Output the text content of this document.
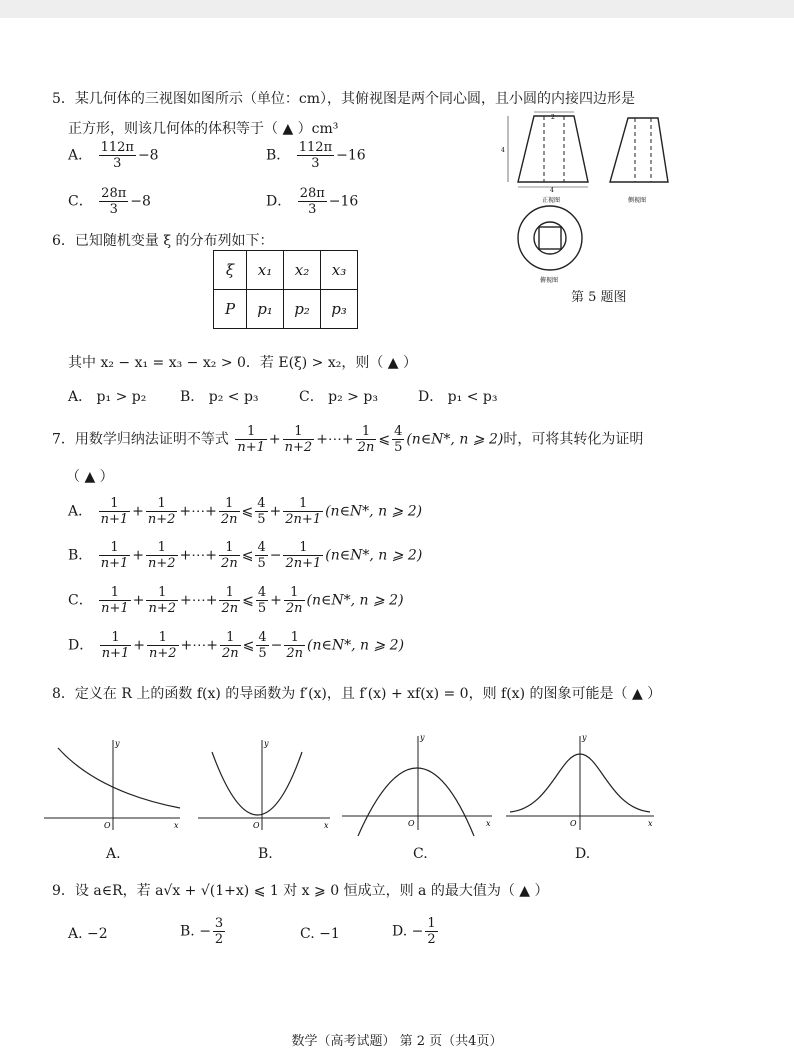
5．某几何体的三视图如图所示（单位：cm），其俯视图是两个同心圆，且小圆的内接四边形是
正方形，则该几何体的体积等于（ ▲ ）cm³
A． $\frac{112\pi}{3} -8$	B． $\frac{112\pi}{3} -16$
C． $\frac{28\pi}{3} -8$	D． $\frac{28\pi}{3} -16$
2
4
4
正视图	侧视图
俯视图
第 5 题图
6．已知随机变量 ξ 的分布列如下：
ξ	x₁	x₂	x₃
P	p₁	p₂	p₃
其中 x₂ − x₁ = x₃ − x₂ > 0．若 E(ξ) > x₂，则（ ▲ ）
A． p₁ > p₂ B． p₂ < p₃	C． p₂ > p₃	D． p₁ < p₃
7．用数学归纳法证明不等式 $\frac{1}{n+1} + \frac{1}{n+2}$ +⋯+ $\frac{1}{2n}$ ⩽ $\frac{4}{5}$ (n∈N*, n ⩾ 2)时，可将其转化为证明
（ ▲ ）
A． $\frac{1}{n+1} + \frac{1}{n+2}$ +⋯+ $\frac{1}{2n}$ ⩽ $\frac{4}{5} + \frac{1}{2n+1}$ (n∈N*, n ⩾ 2)
B． $\frac{1}{n+1} + \frac{1}{n+2}$ +⋯+ $\frac{1}{2n}$ ⩽ $\frac{4}{5} - \frac{1}{2n+1}$ (n∈N*, n ⩾ 2)
C． $\frac{1}{n+1} + \frac{1}{n+2}$ +⋯+ $\frac{1}{2n}$ ⩽ $\frac{4}{5} + \frac{1}{2n}$ (n∈N*, n ⩾ 2)
D． $\frac{1}{n+1} + \frac{1}{n+2}$ +⋯+ $\frac{1}{2n}$ ⩽ $\frac{4}{5} - \frac{1}{2n}$ (n∈N*, n ⩾ 2)
8．定义在 R 上的函数 f(x) 的导函数为 f′(x)，且 f′(x) + xf(x) = 0，则 f(x) 的图象可能是（ ▲ ）
y
x
O
y
x
O
y
x
O
y
x
O
A.	B.	C.	D.
9．设 a∈R，若 a√x + √(1+x) ⩽ 1 对 x ⩾ 0 恒成立，则 a 的最大值为（ ▲ ）
A. −2	B. − $\frac{3}{2}$	C. −1	D. − $\frac{1}{2}$
数学（高考试题） 第 2 页（共4页）
